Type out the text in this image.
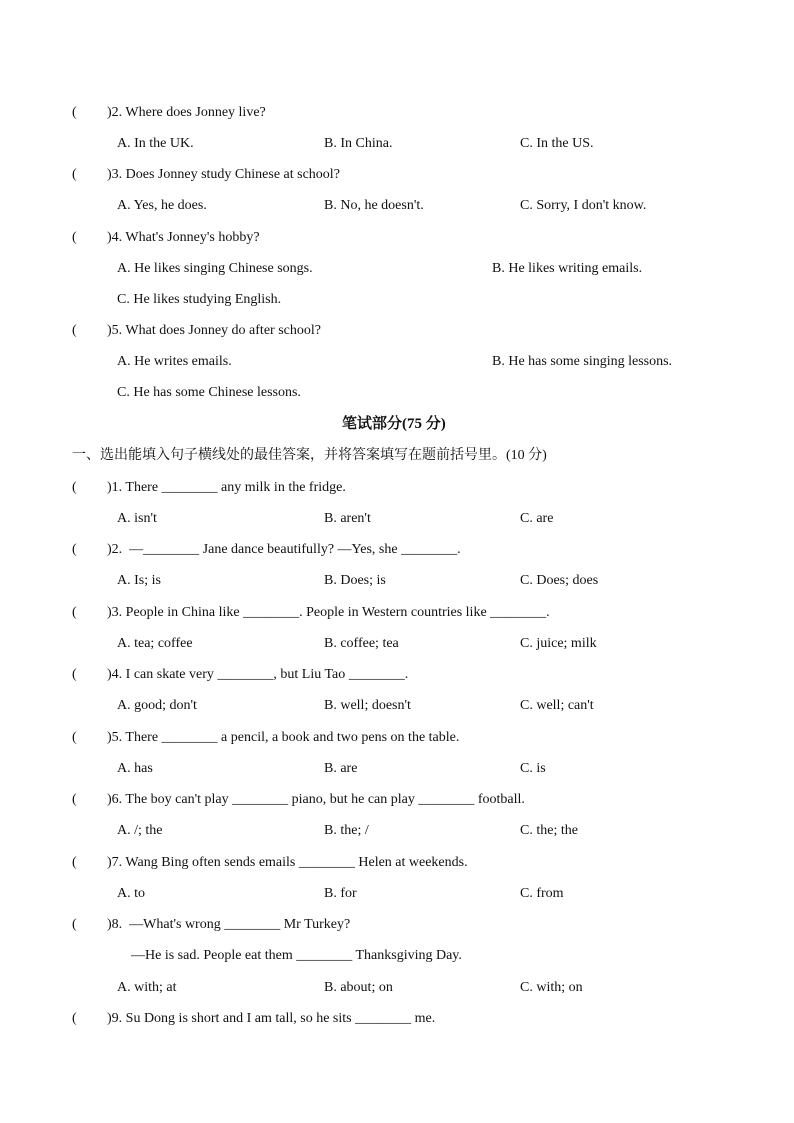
( )2. Where does Jonney live?
A. In the UK.	B. In China.	C. In the US.
( )3. Does Jonney study Chinese at school?
A. Yes, he does.	B. No, he doesn't.	C. Sorry, I don't know.
( )4. What's Jonney's hobby?
A. He likes singing Chinese songs.	B. He likes writing emails.
C. He likes studying English.
( )5. What does Jonney do after school?
A. He writes emails.	B. He has some singing lessons.
C. He has some Chinese lessons.
笔试部分(75 分)
一、选出能填入句子横线处的最佳答案，并将答案填写在题前括号里。(10 分)
( )1. There ________ any milk in the fridge.
A. isn't	B. aren't	C. are
( )2.  —________ Jane dance beautifully? —Yes, she ________.
A. Is; is	B. Does; is	C. Does; does
( )3. People in China like ________. People in Western countries like ________.
A. tea; coffee	B. coffee; tea	C. juice; milk
( )4. I can skate very ________, but Liu Tao ________.
A. good; don't	B. well; doesn't	C. well; can't
( )5. There ________ a pencil, a book and two pens on the table.
A. has	B. are	C. is
( )6. The boy can't play ________ piano, but he can play ________ football.
A. /; the	B. the; /	C. the; the
( )7. Wang Bing often sends emails ________ Helen at weekends.
A. to	B. for	C. from
( )8.  —What's wrong ________ Mr Turkey?
—He is sad. People eat them ________ Thanksgiving Day.
A. with; at	B. about; on	C. with; on
( )9. Su Dong is short and I am tall, so he sits ________ me.
